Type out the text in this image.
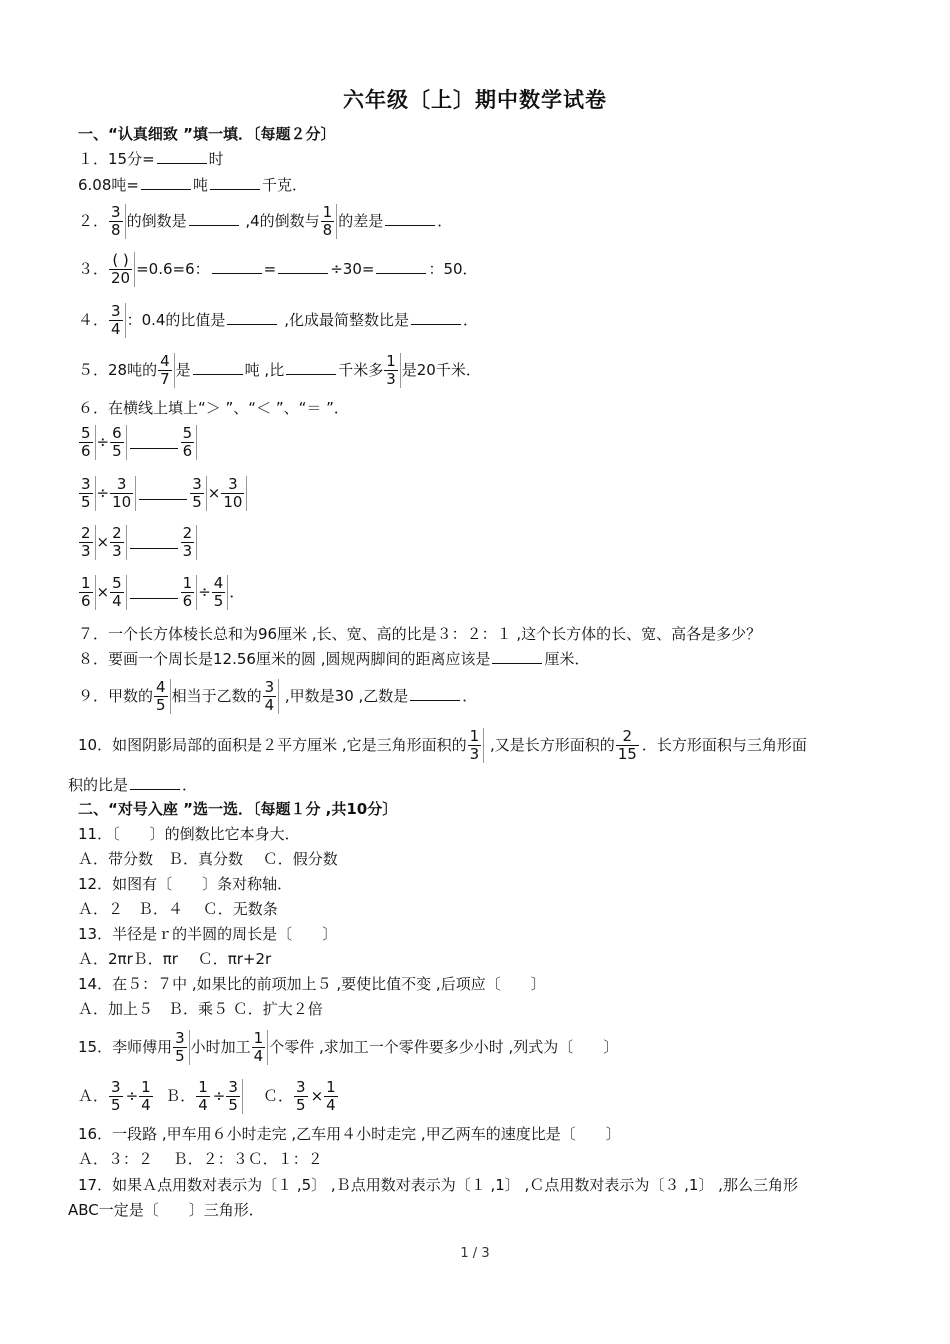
六年级〔上〕期中数学试卷
一、“认真细致 ”填一填．〔每题２分〕
１．15分=	时
6.08吨=	吨	千克．
２． $\frac{3}{8}$ 的倒数是	,4的倒数与 $\frac{1}{8}$ 的差是	．
３． $\frac{( )}{20} =0.6=6$：	=	÷30=	：50．
４． $\frac{3}{4}$ ：0.4的比值是	,化成最简整数比是	．
５．28吨的 $\frac{4}{7}$ 是	吨 ,比	千米多 $\frac{1}{3}$ 是20千米．
６．在横线上填上“＞ ”、“＜ ”、“＝ ”．
$\frac{5}{6} \div \frac{6}{5}$	$\frac{5}{6}$
$\frac{3}{5} \div \frac{3}{10}$	$\frac{3}{5} \times \frac{3}{10}$
$\frac{2}{3} \times \frac{2}{3}$	$\frac{2}{3}$
$\frac{1}{6} \times \frac{5}{4}$	$\frac{1}{6} \div \frac{4}{5}$ ．
７．一个长方体棱长总和为96厘米 ,长、宽、高的比是３：２：１ ,这个长方体的长、宽、高各是多少？
８．要画一个周长是12.56厘米的圆 ,圆规两脚间的距离应该是	厘米．
９．甲数的 $\frac{4}{5}$ 相当于乙数的 $\frac{3}{4}$ ,甲数是30 ,乙数是	．
10．如图阴影局部的面积是２平方厘米 ,它是三角形面积的 $\frac{1}{3}$ ,又是长方形面积的 $\frac{2}{15}$ ．长方形面积与三角形面
积的比是	．
二、“对号入座 ”选一选．〔每题１分 ,共10分〕
11．〔　　〕的倒数比它本身大．
Ａ．带分数　Ｂ．真分数　 Ｃ．假分数
12．如图有〔　　〕条对称轴．
Ａ．２　Ｂ．４　 Ｃ．无数条
13．半径是ｒ的半圆的周长是〔　　〕
Ａ．2πrＢ．πr　 Ｃ．πr+2r
14．在５：７中 ,如果比的前项加上５ ,要使比值不变 ,后项应〔　　〕
Ａ．加上５　Ｂ．乘５ Ｃ．扩大２倍
15．李师傅用 $\frac{3}{5}$ 小时加工 $\frac{1}{4}$ 个零件 ,求加工一个零件要多少小时 ,列式为〔　　〕
Ａ． $\frac{3}{5} \div \frac{1}{4}$ Ｂ． $\frac{1}{4} \div \frac{3}{5}$ Ｃ． $\frac{3}{5} \times \frac{1}{4}$
16．一段路 ,甲车用６小时走完 ,乙车用４小时走完 ,甲乙两车的速度比是〔　　〕
Ａ．３：２　 Ｂ．２：３Ｃ．１：２
17．如果Ａ点用数对表示为〔１ ,5〕 ,Ｂ点用数对表示为〔１ ,1〕 ,Ｃ点用数对表示为〔３ ,1〕 ,那么三角形
ABC一定是〔　　〕三角形．
1 / 3
